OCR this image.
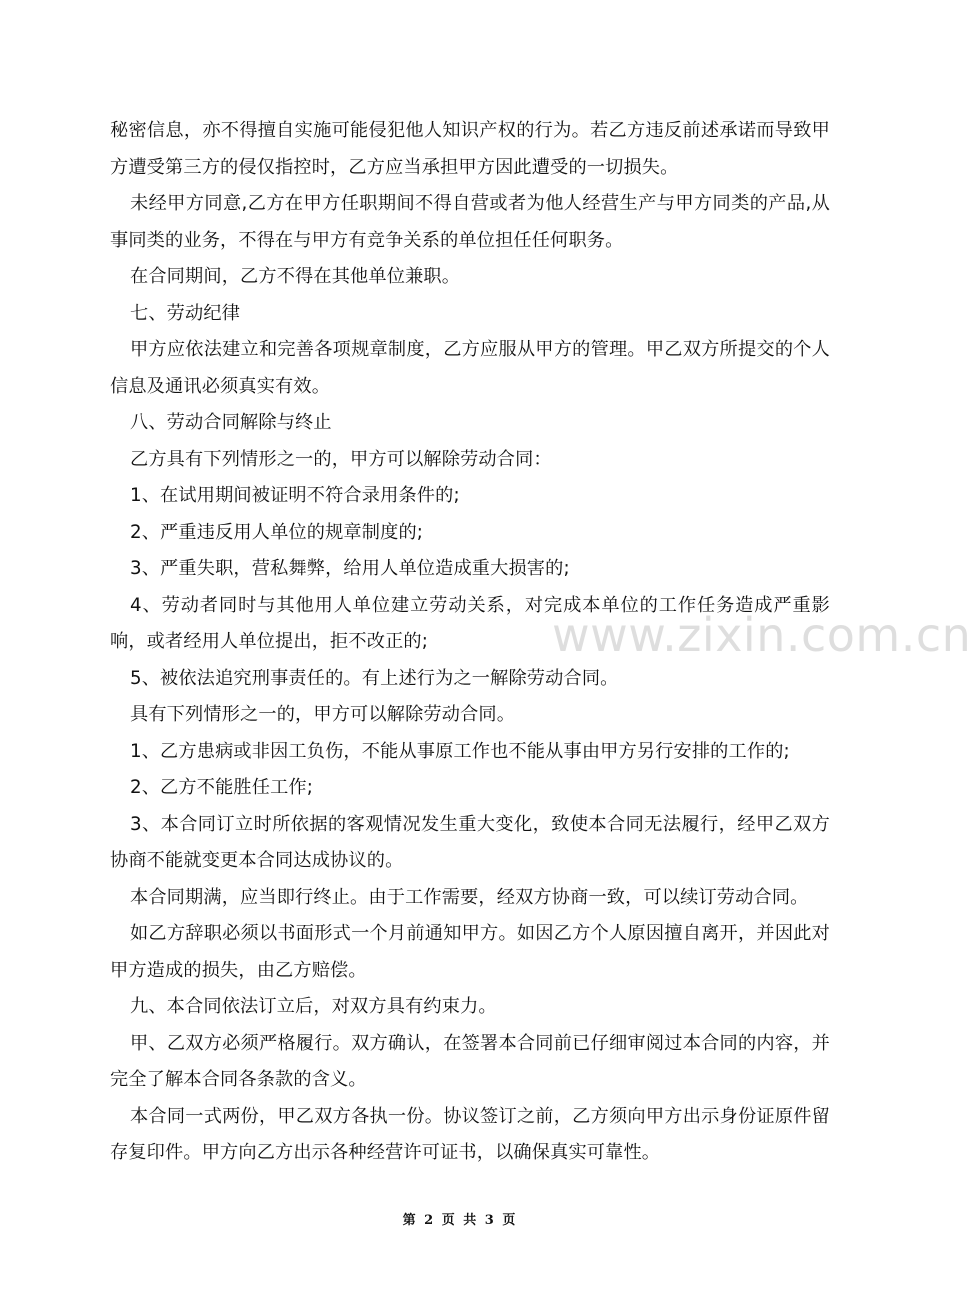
秘密信息，亦不得擅自实施可能侵犯他人知识产权的行为。若乙方违反前述承诺而导致甲方遭受第三方的侵仅指控时，乙方应当承担甲方因此遭受的一切损失。

未经甲方同意,乙方在甲方任职期间不得自营或者为他人经营生产与甲方同类的产品,从事同类的业务，不得在与甲方有竞争关系的单位担任任何职务。

在合同期间，乙方不得在其他单位兼职。

七、劳动纪律

甲方应依法建立和完善各项规章制度，乙方应服从甲方的管理。甲乙双方所提交的个人信息及通讯必须真实有效。

八、劳动合同解除与终止

乙方具有下列情形之一的，甲方可以解除劳动合同：

1、在试用期间被证明不符合录用条件的;

2、严重违反用人单位的规章制度的;

3、严重失职，营私舞弊，给用人单位造成重大损害的;

4、劳动者同时与其他用人单位建立劳动关系，对完成本单位的工作任务造成严重影响，或者经用人单位提出，拒不改正的;

5、被依法追究刑事责任的。有上述行为之一解除劳动合同。

具有下列情形之一的，甲方可以解除劳动合同。

1、乙方患病或非因工负伤，不能从事原工作也不能从事由甲方另行安排的工作的;

2、乙方不能胜任工作;

3、本合同订立时所依据的客观情况发生重大变化，致使本合同无法履行，经甲乙双方协商不能就变更本合同达成协议的。

本合同期满，应当即行终止。由于工作需要，经双方协商一致，可以续订劳动合同。

如乙方辞职必须以书面形式一个月前通知甲方。如因乙方个人原因擅自离开，并因此对甲方造成的损失，由乙方赔偿。

九、本合同依法订立后，对双方具有约束力。

甲、乙双方必须严格履行。双方确认，在签署本合同前已仔细审阅过本合同的内容，并完全了解本合同各条款的含义。

本合同一式两份，甲乙双方各执一份。协议签订之前，乙方须向甲方出示身份证原件留存复印件。甲方向乙方出示各种经营许可证书，以确保真实可靠性。

www.zixin.com.cn
第 2 页 共 3 页
